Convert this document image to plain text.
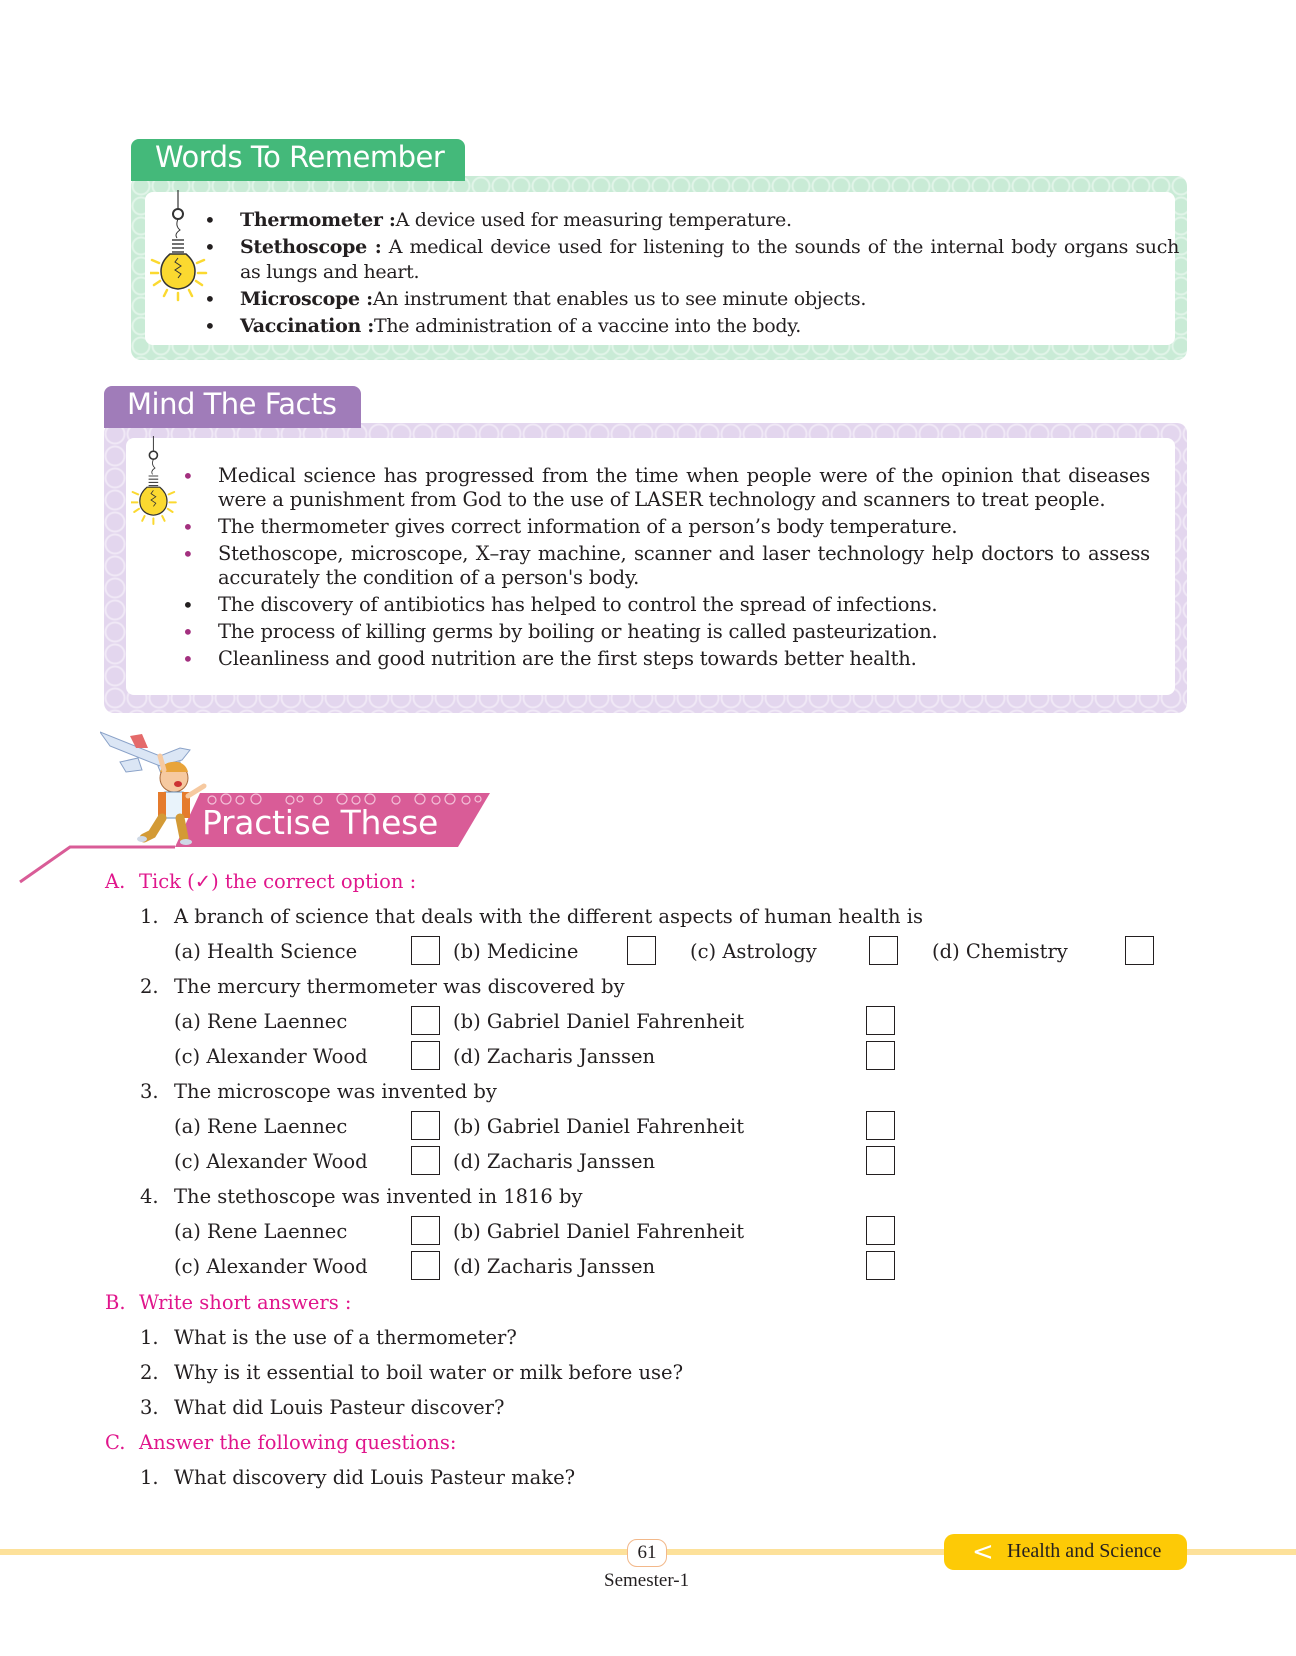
Words To Remember
• Thermometer :A device used for measuring temperature.
• Stethoscope : A medical device used for listening to the sounds of the internal body organs such as lungs and heart.
• Microscope :An instrument that enables us to see minute objects.
• Vaccination :The administration of a vaccine into the body.
Mind The Facts
• Medical science has progressed from the time when people were of the opinion that diseases were a punishment from God to the use of LASER technology and scanners to treat people.
• The thermometer gives correct information of a person’s body temperature.
• Stethoscope, microscope, X–ray machine, scanner and laser technology help doctors to assess accurately the condition of a person's body.
• The discovery of antibiotics has helped to control the spread of infections.
• The process of killing germs by boiling or heating is called pasteurization.
• Cleanliness and good nutrition are the first steps towards better health.
Practise These
A. Tick (✓) the correct option :
1. A branch of science that deals with the different aspects of human health is
(a) Health Science	(b) Medicine	(c) Astrology	(d) Chemistry
2. The mercury thermometer was discovered by
(a) Rene Laennec	(b) Gabriel Daniel Fahrenheit
(c) Alexander Wood	(d) Zacharis Janssen
3. The microscope was invented by
(a) Rene Laennec	(b) Gabriel Daniel Fahrenheit
(c) Alexander Wood	(d) Zacharis Janssen
4. The stethoscope was invented in 1816 by
(a) Rene Laennec	(b) Gabriel Daniel Fahrenheit
(c) Alexander Wood	(d) Zacharis Janssen
B. Write short answers :
1. What is the use of a thermometer?
2. Why is it essential to boil water or milk before use?
3. What did Louis Pasteur discover?
C. Answer the following questions:
1. What discovery did Louis Pasteur make?
61
Semester-1
< Health and Science
